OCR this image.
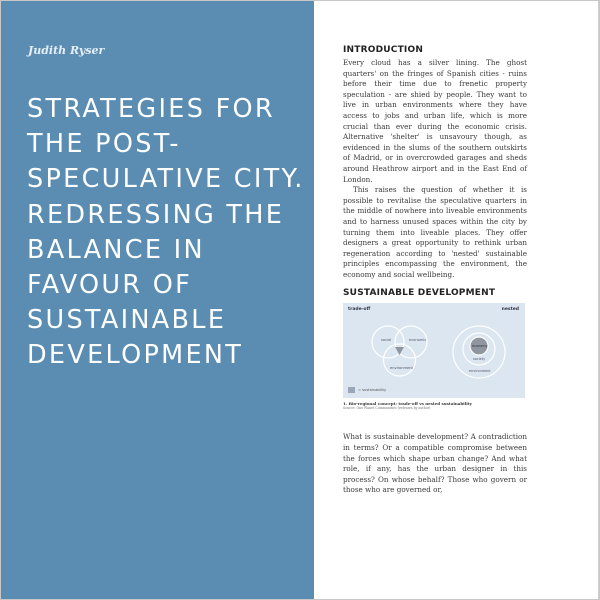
Judith Ryser
STRATEGIES FOR THE POST-SPECULATIVE CITY. REDRESSING THE BALANCE IN FAVOUR OF SUSTAINABLE DEVELOPMENT
INTRODUCTION

Every cloud has a silver lining. The ghost quarters' on the fringes of Spanish cities - ruins before their time due to frenetic property speculation - are shied by people. They want to live in urban environments where they have access to jobs and urban life, which is more crucial than ever during the economic crisis. Alternative 'shelter' is unsavoury though, as evidenced in the slums of the southern outskirts of Madrid, or in overcrowded garages and sheds around Heathrow airport and in the East End of London.

This raises the question of whether it is possible to revitalise the speculative quarters in the middle of nowhere into liveable environments and to harness unused spaces within the city by turning them into liveable places. They offer designers a great opportunity to rethink urban regeneration according to 'nested' sustainable principles encompassing the environment, the economy and social wellbeing.

SUSTAINABLE DEVELOPMENT
trade-off	nested
social	economic
environment
economy
society
environment
= sustainability
1. Bio-regional concept: trade-off vs nested sustainability
Source: One Planet Communities (redrawn by author)

What is sustainable development? A contradiction in terms? Or a compatible compromise between the forces which shape urban change? And what role, if any, has the urban designer in this process? On whose behalf? Those who govern or those who are governed or,
